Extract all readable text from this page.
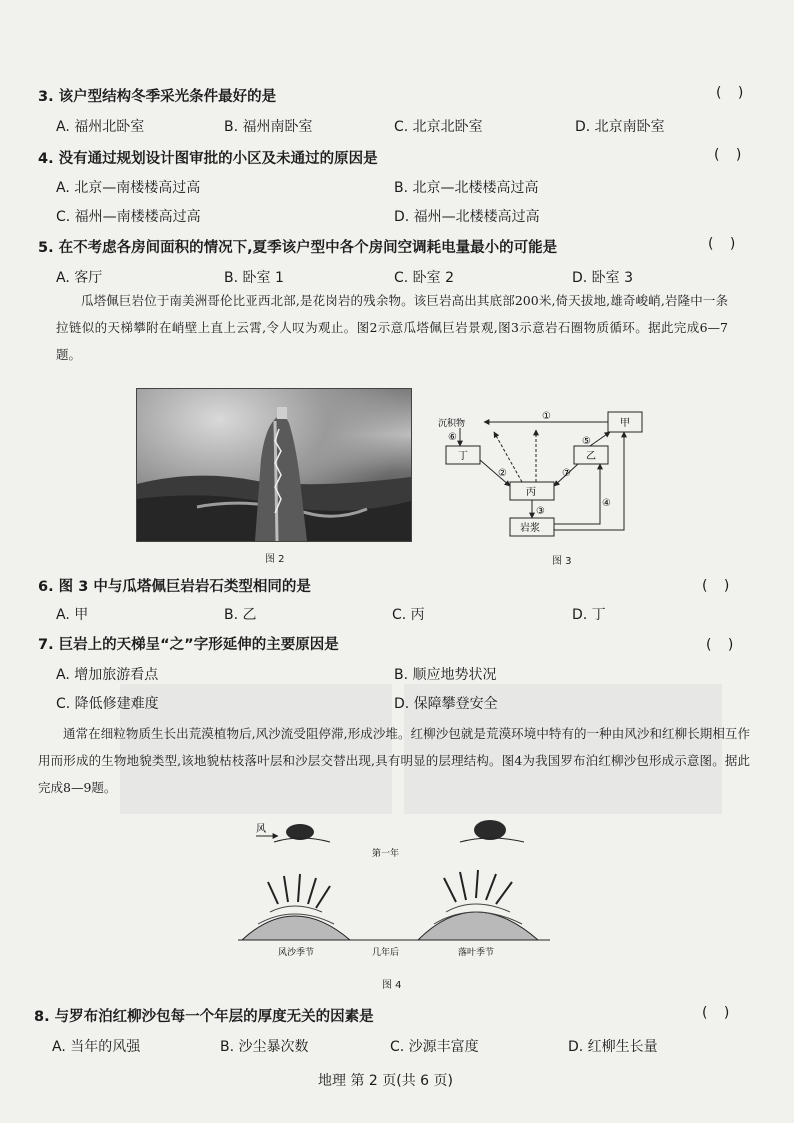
3. 该户型结构冬季采光条件最好的是	( )
A. 福州北卧室	B. 福州南卧室	C. 北京北卧室	D. 北京南卧室
4. 没有通过规划设计图审批的小区及未通过的原因是	( )
A. 北京—南楼楼高过高	B. 北京—北楼楼高过高
C. 福州—南楼楼高过高	D. 福州—北楼楼高过高
5. 在不考虑各房间面积的情况下,夏季该户型中各个房间空调耗电量最小的可能是	( )
A. 客厅	B. 卧室 1	C. 卧室 2	D. 卧室 3

瓜塔佩巨岩位于南美洲哥伦比亚西北部,是花岗岩的残余物。该巨岩高出其底部200米,倚天拔地,雄奇峻峭,岩隆中一条拉链似的天梯攀附在峭壁上直上云霄,令人叹为观止。图2示意瓜塔佩巨岩景观,图3示意岩石圈物质循环。据此完成6—7题。

图 2
沉积物	甲
丁	乙
丙
岩浆
①
②
③
④
⑤
⑥
⑦
图 3
6. 图 3 中与瓜塔佩巨岩岩石类型相同的是	( )
A. 甲	B. 乙	C. 丙	D. 丁
7. 巨岩上的天梯呈“之”字形延伸的主要原因是	( )
A. 增加旅游看点	B. 顺应地势状况
C. 降低修建难度	D. 保障攀登安全

通常在细粒物质生长出荒漠植物后,风沙流受阻停滞,形成沙堆。红柳沙包就是荒漠环境中特有的一种由风沙和红柳长期相互作用而形成的生物地貌类型,该地貌枯枝落叶层和沙层交替出现,具有明显的层理结构。图4为我国罗布泊红柳沙包形成示意图。据此完成8—9题。

风
第一年
风沙季节	几年后	落叶季节
图 4
8. 与罗布泊红柳沙包每一个年层的厚度无关的因素是	( )
A. 当年的风强	B. 沙尘暴次数	C. 沙源丰富度	D. 红柳生长量
地理 第 2 页(共 6 页)
